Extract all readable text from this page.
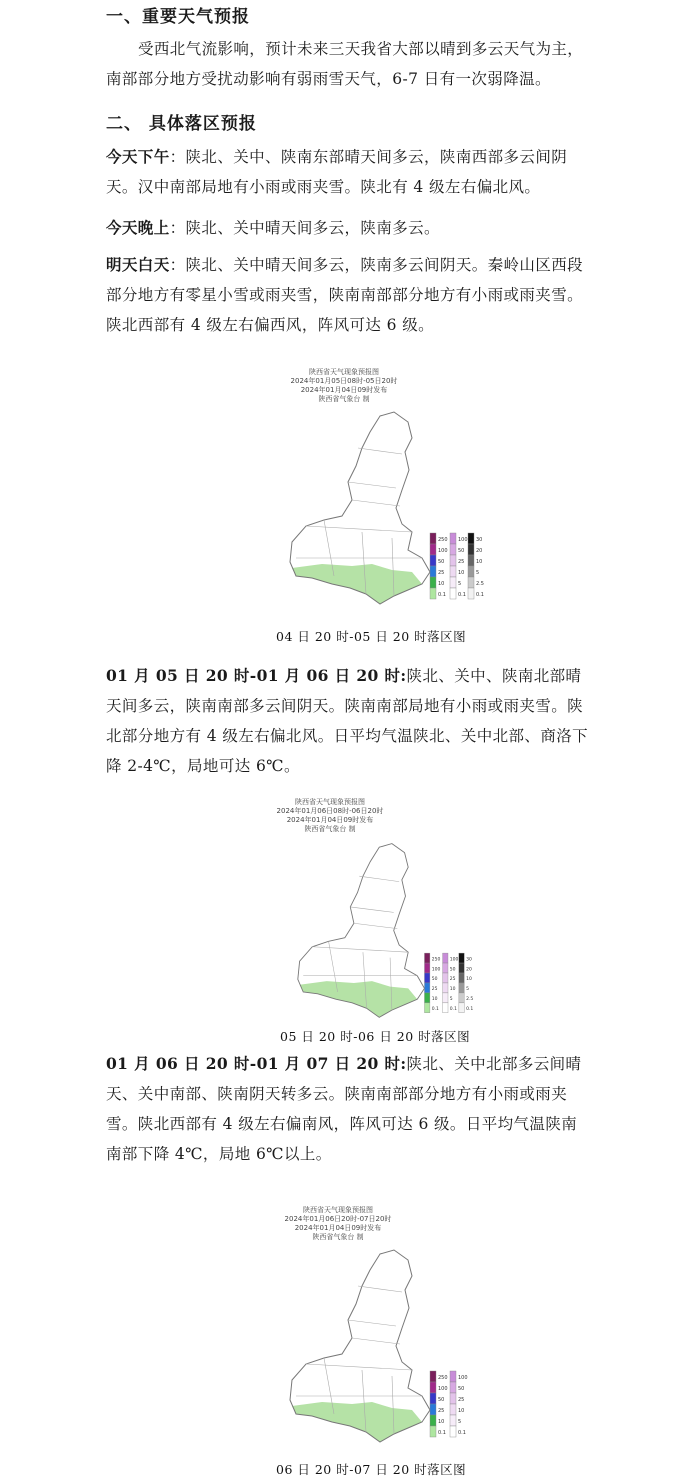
一、重要天气预报

受西北气流影响，预计未来三天我省大部以晴到多云天气为主，南部部分地方受扰动影响有弱雨雪天气，6-7 日有一次弱降温。

二、 具体落区预报

今天下午：陕北、关中、陕南东部晴天间多云，陕南西部多云间阴天。汉中南部局地有小雨或雨夹雪。陕北有 4 级左右偏北风。

今天晚上：陕北、关中晴天间多云，陕南多云。

明天白天：陕北、关中晴天间多云，陕南多云间阴天。秦岭山区西段部分地方有零星小雪或雨夹雪，陕南南部部分地方有小雨或雨夹雪。陕北西部有 4 级左右偏西风，阵风可达 6 级。

陕西省天气现象预报图
2024年01月05日08时-05日20时
2024年01月04日09时发布
陕西省气象台 制
250
100
50
25
10
0.1
100
50
25
10
5
0.1
30
20
10
5
2.5
0.1
04 日 20 时-05 日 20 时落区图

01 月 05 日 20 时-01 月 06 日 20 时:陕北、关中、陕南北部晴天间多云，陕南南部多云间阴天。陕南南部局地有小雨或雨夹雪。陕北部分地方有 4 级左右偏北风。日平均气温陕北、关中北部、商洛下降 2-4℃，局地可达 6℃。

陕西省天气现象预报图
2024年01月06日08时-06日20时
2024年01月04日09时发布
陕西省气象台 制
250
100
50
25
10
0.1
100
50
25
10
5
0.1
30
20
10
5
2.5
0.1
05 日 20 时-06 日 20 时落区图

01 月 06 日 20 时-01 月 07 日 20 时:陕北、关中北部多云间晴天、关中南部、陕南阴天转多云。陕南南部部分地方有小雨或雨夹雪。陕北西部有 4 级左右偏南风，阵风可达 6 级。日平均气温陕南南部下降 4℃，局地 6℃以上。

陕西省天气现象预报图
2024年01月06日20时-07日20时
2024年01月04日09时发布
陕西省气象台 制
250
100
50
25
10
0.1
100
50
25
10
5
0.1
06 日 20 时-07 日 20 时落区图
